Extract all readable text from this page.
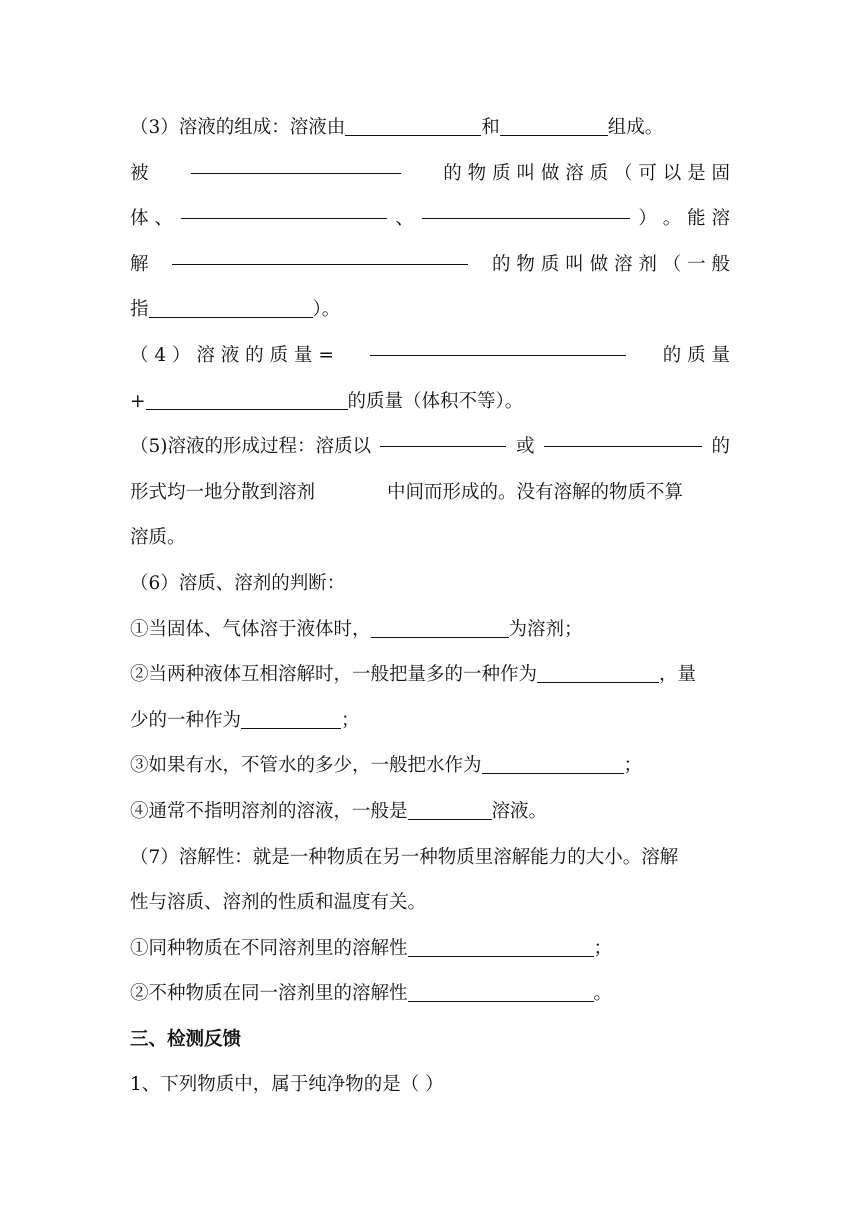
（3）溶液的组成：溶液由	和	组成。
被	的 物 质 叫 做 溶 质 （ 可 以 是 固
体 、	、	） 。 能 溶
解	的 物 质 叫 做 溶 剂 （ 一 般
指	）。
（ 4 ） 溶 液 的 质 量 =	的 质 量
+	的质量（体积不等）。
（5)溶液的形成过程：溶质以	或	的
形式均一地分散到溶剂	中间而形成的。没有溶解的物质不算
溶质。
（6）溶质、溶剂的判断：
①当固体、气体溶于液体时，	为溶剂；
②当两种液体互相溶解时，一般把量多的一种作为	，量
少的一种作为	；
③如果有水，不管水的多少，一般把水作为	；
④通常不指明溶剂的溶液，一般是	溶液。
（7）溶解性：就是一种物质在另一种物质里溶解能力的大小。溶解
性与溶质、溶剂的性质和温度有关。
①同种物质在不同溶剂里的溶解性	；
②不种物质在同一溶剂里的溶解性	。
三、检测反馈
1、下列物质中，属于纯净物的是（ ）
